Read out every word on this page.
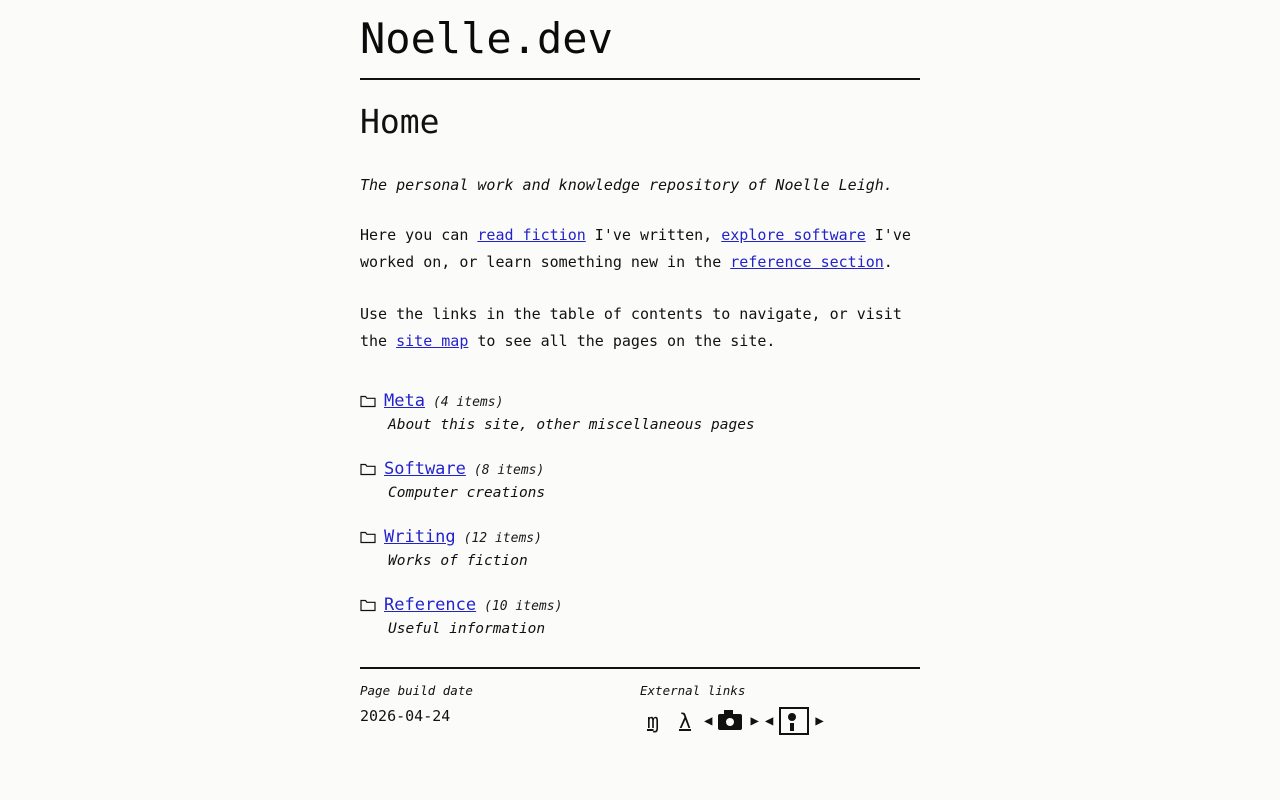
Noelle.dev
Home

The personal work and knowledge repository of Noelle Leigh.

Here you can read fiction I've written, explore software I've worked on, or learn something new in the reference section.

Use the links in the table of contents to navigate, or visit the site map to see all the pages on the site.

Meta (4 items)
About this site, other miscellaneous pages
Software (8 items)
Computer creations
Writing (12 items)
Works of fiction
Reference (10 items)
Useful information
Page build date
2026-04-24
External links
ɱ λ ◀	▶ ◀	▶
